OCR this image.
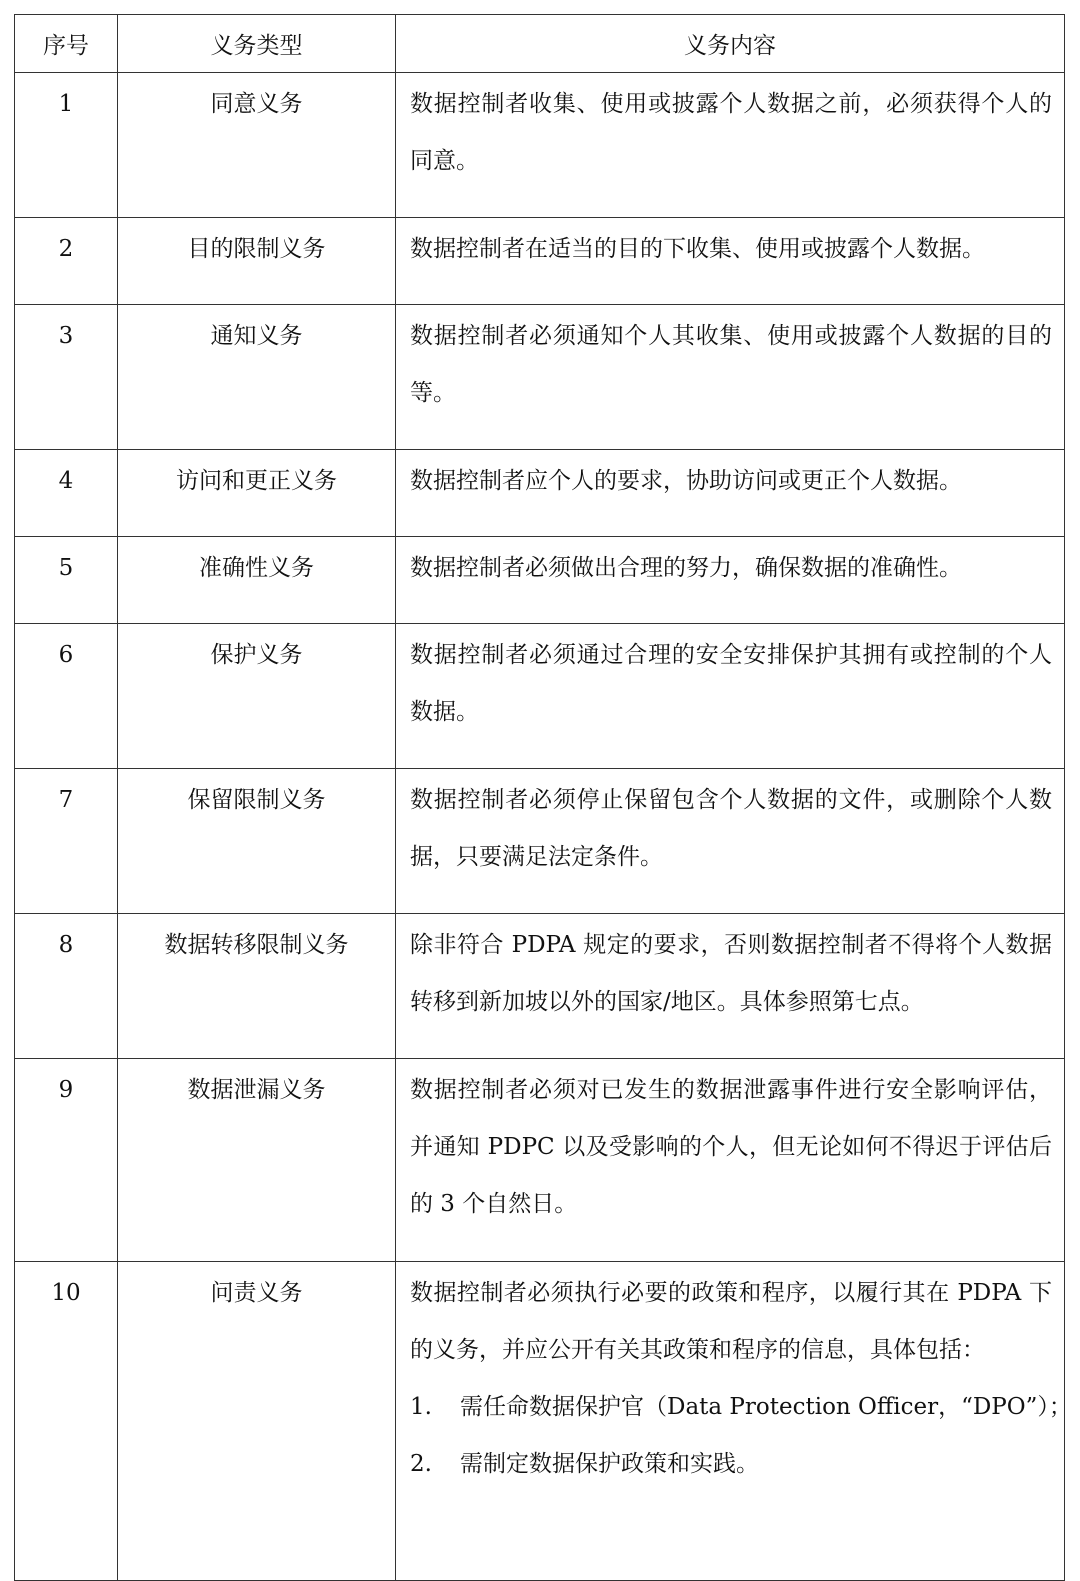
序号	义务类型	义务内容
1	同意义务	数据控制者收集、使用或披露个人数据之前，必须获得个人的同意。

2	目的限制义务	数据控制者在适当的目的下收集、使用或披露个人数据。

3	通知义务	数据控制者必须通知个人其收集、使用或披露个人数据的目的等。

4	访问和更正义务	数据控制者应个人的要求，协助访问或更正个人数据。

5	准确性义务	数据控制者必须做出合理的努力，确保数据的准确性。

6	保护义务	数据控制者必须通过合理的安全安排保护其拥有或控制的个人数据。

7	保留限制义务	数据控制者必须停止保留包含个人数据的文件，或删除个人数据，只要满足法定条件。

8	数据转移限制义务	除非符合 PDPA 规定的要求，否则数据控制者不得将个人数据转移到新加坡以外的国家/地区。具体参照第七点。

9	数据泄漏义务	数据控制者必须对已发生的数据泄露事件进行安全影响评估，并通知 PDPC 以及受影响的个人，但无论如何不得迟于评估后的 3 个自然日。

10	问责义务	数据控制者必须执行必要的政策和程序，以履行其在 PDPA 下的义务，并应公开有关其政策和程序的信息，具体包括：
1. 需任命数据保护官（Data Protection Officer，“DPO”）；
2. 需制定数据保护政策和实践。
